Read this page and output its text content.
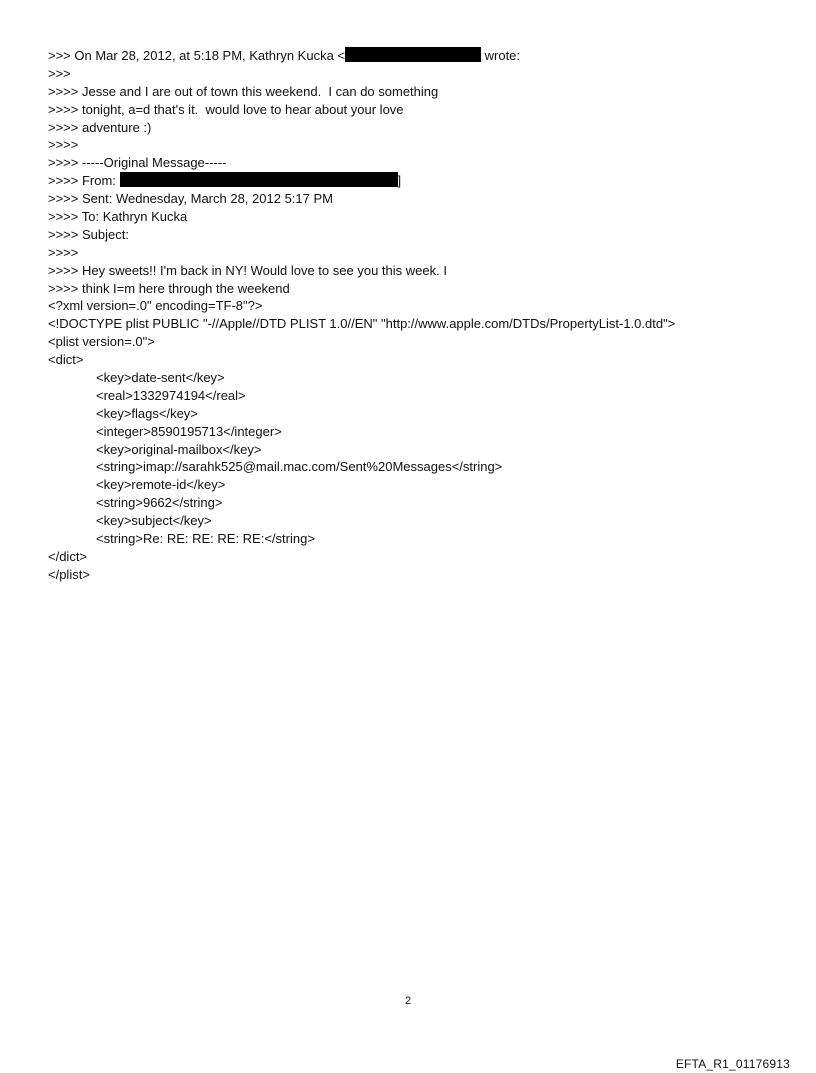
>>> On Mar 28, 2012, at 5:18 PM, Kathryn Kucka <	wrote:
>>>
>>>> Jesse and I are out of town this weekend.  I can do something
>>>> tonight, a=d that's it.  would love to hear about your love
>>>> adventure :)
>>>>
>>>> -----Original Message-----
>>>> From:	]
>>>> Sent: Wednesday, March 28, 2012 5:17 PM
>>>> To: Kathryn Kucka
>>>> Subject:
>>>>
>>>> Hey sweets!! I'm back in NY! Would love to see you this week. I
>>>> think I=m here through the weekend
<?xml version=.0" encoding=TF-8"?>
<!DOCTYPE plist PUBLIC "-//Apple//DTD PLIST 1.0//EN" "http://www.apple.com/DTDs/PropertyList-1.0.dtd">
<plist version=.0">
<dict>
<key>date-sent</key>
<real>1332974194</real>
<key>flags</key>
<integer>8590195713</integer>
<key>original-mailbox</key>
<string>imap://sarahk525@mail.mac.com/Sent%20Messages</string>
<key>remote-id</key>
<string>9662</string>
<key>subject</key>
<string>Re: RE: RE: RE: RE:</string>
</dict>
</plist>
2
EFTA_R1_01176913
